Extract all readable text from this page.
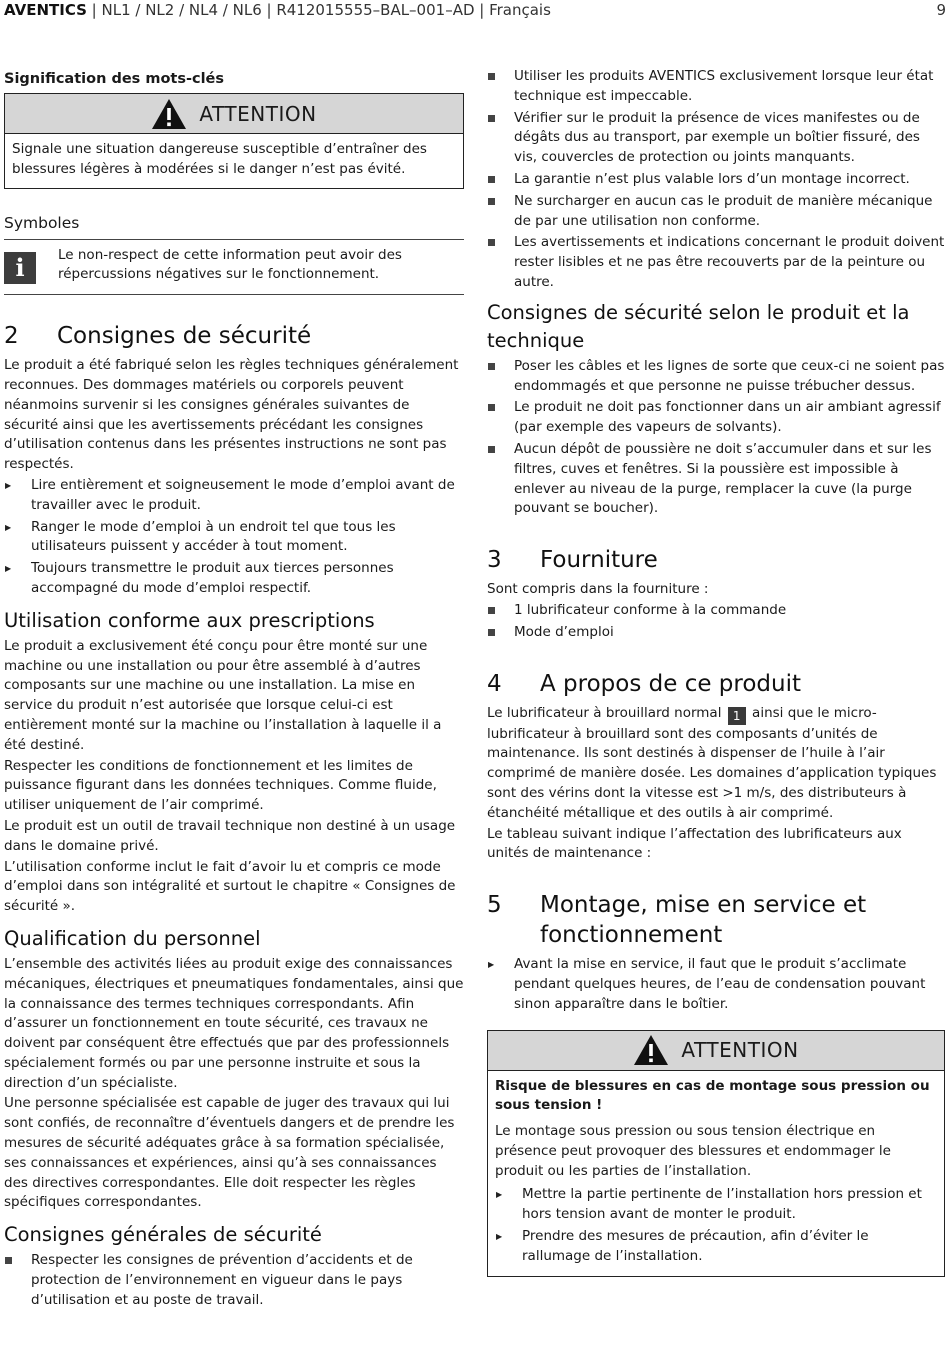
AVENTICS | NL1 / NL2 / NL4 / NL6 | R412015555–BAL–001–AD | Français	9
Signification des mots-clés
ATTENTION

Signale une situation dangereuse susceptible d’entraîner des blessures légères à modérées si le danger n’est pas évité.

Symboles
i	Le non-respect de cette information peut avoir des répercussions négatives sur le fonctionnement.

2	Consignes de sécurité

Le produit a été fabriqué selon les règles techniques généralement reconnues. Des dommages matériels ou corporels peuvent néanmoins survenir si les consignes générales suivantes de sécurité ainsi que les avertissements précédant les consignes d’utilisation contenus dans les présentes instructions ne sont pas respectés.

▶ Lire entièrement et soigneusement le mode d’emploi avant de travailler avec le produit.
▶ Ranger le mode d’emploi à un endroit tel que tous les utilisateurs puissent y accéder à tout moment.
▶ Toujours transmettre le produit aux tierces personnes accompagné du mode d’emploi respectif.
Utilisation conforme aux prescriptions

Le produit a exclusivement été conçu pour être monté sur une machine ou une installation ou pour être assemblé à d’autres composants sur une machine ou une installation. La mise en service du produit n’est autorisée que lorsque celui-ci est entièrement monté sur la machine ou l’installation à laquelle il a été destiné.

Respecter les conditions de fonctionnement et les limites de puissance figurant dans les données techniques. Comme fluide, utiliser uniquement de l’air comprimé.

Le produit est un outil de travail technique non destiné à un usage dans le domaine privé.

L’utilisation conforme inclut le fait d’avoir lu et compris ce mode d’emploi dans son intégralité et surtout le chapitre « Consignes de sécurité ».

Qualification du personnel

L’ensemble des activités liées au produit exige des connaissances mécaniques, électriques et pneumatiques fondamentales, ainsi que la connaissance des termes techniques correspondants. Afin d’assurer un fonctionnement en toute sécurité, ces travaux ne doivent par conséquent être effectués que par des professionnels spécialement formés ou par une personne instruite et sous la direction d’un spécialiste.

Une personne spécialisée est capable de juger des travaux qui lui sont confiés, de reconnaître d’éventuels dangers et de prendre les mesures de sécurité adéquates grâce à sa formation spécialisée, ses connaissances et expériences, ainsi qu’à ses connaissances des directives correspondantes. Elle doit respecter les règles spécifiques correspondantes.

Consignes générales de sécurité
Respecter les consignes de prévention d’accidents et de protection de l’environnement en vigueur dans le pays d’utilisation et au poste de travail.
Utiliser les produits AVENTICS exclusivement lorsque leur état technique est impeccable.
Vérifier sur le produit la présence de vices manifestes ou de dégâts dus au transport, par exemple un boîtier fissuré, des vis, couvercles de protection ou joints manquants.
La garantie n’est plus valable lors d’un montage incorrect.
Ne surcharger en aucun cas le produit de manière mécanique de par une utilisation non conforme.
Les avertissements et indications concernant le produit doivent rester lisibles et ne pas être recouverts par de la peinture ou autre.
Consignes de sécurité selon le produit et la technique
Poser les câbles et les lignes de sorte que ceux-ci ne soient pas endommagés et que personne ne puisse trébucher dessus.
Le produit ne doit pas fonctionner dans un air ambiant agressif (par exemple des vapeurs de solvants).
Aucun dépôt de poussière ne doit s’accumuler dans et sur les filtres, cuves et fenêtres. Si la poussière est impossible à enlever au niveau de la purge, remplacer la cuve (la purge pouvant se boucher).
3	Fourniture

Sont compris dans la fourniture :

1 lubrificateur conforme à la commande
Mode d’emploi
4	A propos de ce produit

Le lubrificateur à brouillard normal 1 ainsi que le micro-lubrificateur à brouillard sont des composants d’unités de maintenance. Ils sont destinés à dispenser de l’huile à l’air comprimé de manière dosée. Les domaines d’application typiques sont des vérins dont la vitesse est >1 m/s, des distributeurs à étanchéité métallique et des outils à air comprimé.

Le tableau suivant indique l’affectation des lubrificateurs aux unités de maintenance :

5	Montage, mise en service et fonctionnement
▶ Avant la mise en service, il faut que le produit s’acclimate pendant quelques heures, de l’eau de condensation pouvant sinon apparaître dans le boîtier.
ATTENTION

Risque de blessures en cas de montage sous pression ou sous tension !

Le montage sous pression ou sous tension électrique en présence peut provoquer des blessures et endommager le produit ou les parties de l’installation.

▶ Mettre la partie pertinente de l’installation hors pression et hors tension avant de monter le produit.
▶ Prendre des mesures de précaution, afin d’éviter le rallumage de l’installation.
